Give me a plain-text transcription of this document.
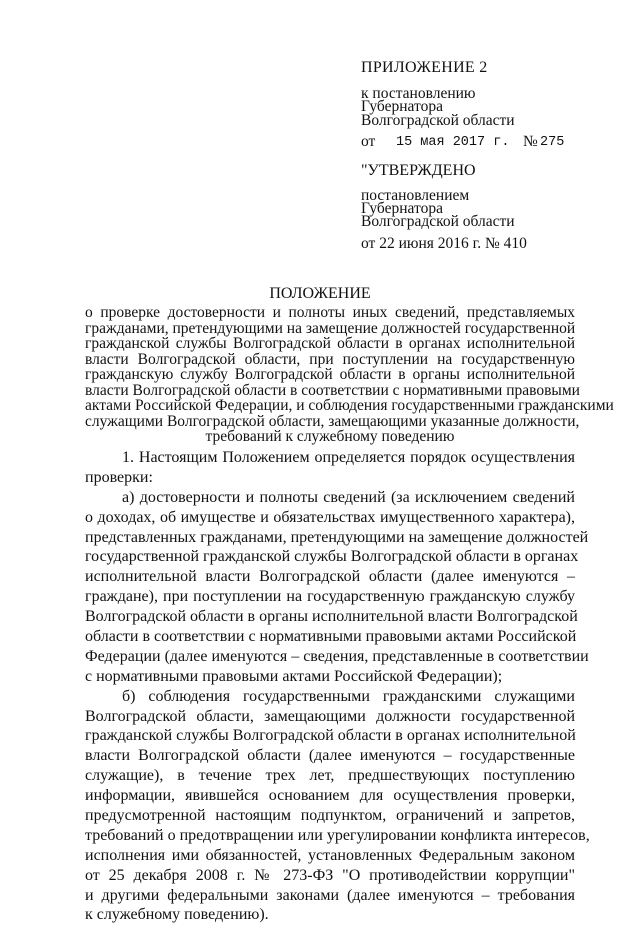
ПРИЛОЖЕНИЕ 2
к постановлению
Губернатора
Волгоградской области
от 15 мая 2017 г. № 275
"УТВЕРЖДЕНО
постановлением
Губернатора
Волгоградской области
от 22 июня 2016 г. № 410
ПОЛОЖЕНИЕ
о проверке достоверности и полноты иных сведений, представляемых
гражданами, претендующими на замещение должностей государственной
гражданской службы Волгоградской области в органах исполнительной
власти Волгоградской области, при поступлении на государственную
гражданскую службу Волгоградской области в органы исполнительной
власти Волгоградской области в соответствии с нормативными правовыми
актами Российской Федерации, и соблюдения государственными гражданскими
служащими Волгоградской области, замещающими указанные должности,
требований к служебному поведению
1. Настоящим Положением определяется порядок осуществления
проверки:
а) достоверности и полноты сведений (за исключением сведений
о доходах, об имуществе и обязательствах имущественного характера),
представленных гражданами, претендующими на замещение должностей
государственной гражданской службы Волгоградской области в органах
исполнительной власти Волгоградской области (далее именуются –
граждане), при поступлении на государственную гражданскую службу
Волгоградской области в органы исполнительной власти Волгоградской
области в соответствии с нормативными правовыми актами Российской
Федерации (далее именуются – сведения, представленные в соответствии
с нормативными правовыми актами Российской Федерации);
б) соблюдения государственными гражданскими служащими
Волгоградской области, замещающими должности государственной
гражданской службы Волгоградской области в органах исполнительной
власти Волгоградской области (далее именуются – государственные
служащие), в течение трех лет, предшествующих поступлению
информации, явившейся основанием для осуществления проверки,
предусмотренной настоящим подпунктом, ограничений и запретов,
требований о предотвращении или урегулировании конфликта интересов,
исполнения ими обязанностей, установленных Федеральным законом
от 25 декабря 2008 г. № 273-ФЗ "О противодействии коррупции"
и другими федеральными законами (далее именуются – требования
к служебному поведению).
